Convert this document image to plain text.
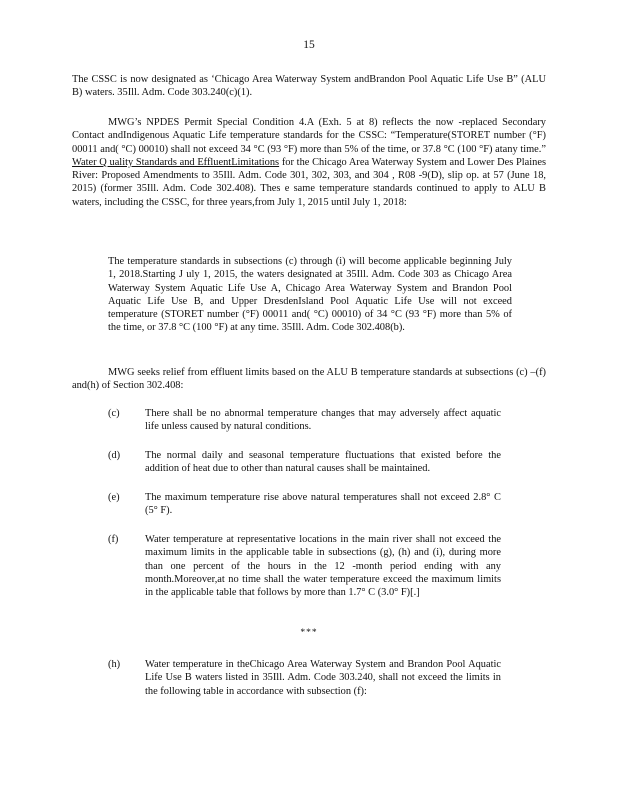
15

The CSSC is now designated as ‘Chicago Area Waterway System andBrandon Pool Aquatic Life Use B” (ALU B) waters. 35Ill. Adm. Code 303.240(c)(1).

MWG’s NPDES Permit Special Condition 4.A (Exh. 5 at 8) reflects the now -replaced Secondary Contact andIndigenous Aquatic Life temperature standards for the CSSC: “Temperature(STORET number (°F) 00011 and( °C) 00010) shall not exceed 34 °C (93 °F) more than 5% of the time, or 37.8 °C (100 °F) atany time.” Water Q uality Standards and EffluentLimitations for the Chicago Area Waterway System and Lower Des Plaines River: Proposed Amendments to 35Ill. Adm. Code 301, 302, 303, and 304 , R08 -9(D), slip op. at 57 (June 18, 2015) (former 35Ill. Adm. Code 302.408). Thes e same temperature standards continued to apply to ALU B waters, including the CSSC, for three years,from July 1, 2015 until July 1, 2018:

The temperature standards in subsections (c) through (i) will become applicable beginning July 1, 2018.Starting J uly 1, 2015, the waters designated at 35Ill. Adm. Code 303 as Chicago Area Waterway System Aquatic Life Use A, Chicago Area Waterway System and Brandon Pool Aquatic Life Use B, and Upper DresdenIsland Pool Aquatic Life Use will not exceed temperature (STORET number (°F) 00011 and( °C) 00010) of 34 °C (93 °F) more than 5% of the time, or 37.8 °C (100 °F) at any time. 35Ill. Adm. Code 302.408(b).

MWG seeks relief from effluent limits based on the ALU B temperature standards at subsections (c) –(f) and(h) of Section 302.408:

(c)	There shall be no abnormal temperature changes that may adversely affect aquatic life unless caused by natural conditions.
(d)	The normal daily and seasonal temperature fluctuations that existed before the addition of heat due to other than natural causes shall be maintained.
(e)	The maximum temperature rise above natural temperatures shall not exceed 2.8° C (5° F).
(f)	Water temperature at representative locations in the main river shall not exceed the maximum limits in the applicable table in subsections (g), (h) and (i), during more than one percent of the hours in the 12 -month period ending with any month.Moreover,at no time shall the water temperature exceed the maximum limits in the applicable table that follows by more than 1.7° C (3.0° F)[.]
***
(h)	Water temperature in theChicago Area Waterway System and Brandon Pool Aquatic Life Use B waters listed in 35Ill. Adm. Code 303.240, shall not exceed the limits in the following table in accordance with subsection (f):
